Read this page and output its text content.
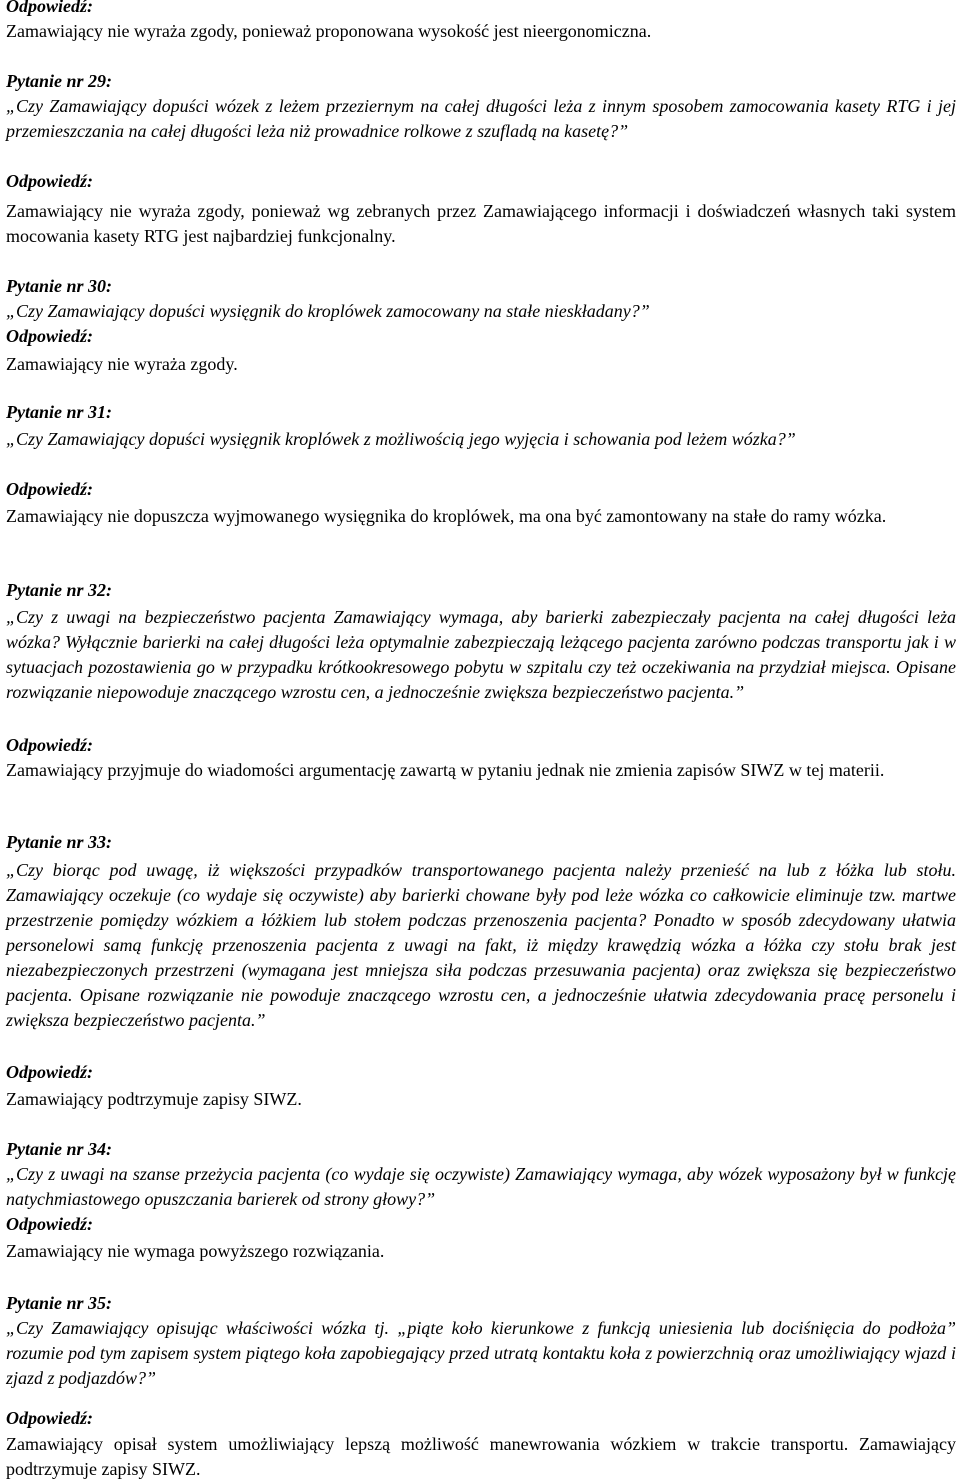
Odpowiedź:
Zamawiający nie wyraża zgody, ponieważ proponowana wysokość jest nieergonomiczna.
Pytanie nr 29:
„Czy Zamawiający dopuści wózek z leżem przeziernym na całej długości leża z innym sposobem zamocowania kasety RTG i jej przemieszczania na całej długości leża niż prowadnice rolkowe z szufladą na kasetę?”
Odpowiedź:
Zamawiający nie wyraża zgody, ponieważ wg zebranych przez Zamawiającego informacji i doświadczeń własnych taki system mocowania kasety RTG jest najbardziej funkcjonalny.
Pytanie nr 30:
„Czy Zamawiający dopuści wysięgnik do kroplówek zamocowany na stałe nieskładany?”
Odpowiedź:
Zamawiający nie wyraża zgody.
Pytanie nr 31:
„Czy Zamawiający dopuści wysięgnik kroplówek z możliwością jego wyjęcia i schowania pod leżem wózka?”
Odpowiedź:
Zamawiający nie dopuszcza wyjmowanego wysięgnika do kroplówek, ma ona być zamontowany na stałe do ramy wózka.
Pytanie nr 32:
„Czy z uwagi na bezpieczeństwo pacjenta Zamawiający wymaga, aby barierki zabezpieczały pacjenta na całej długości leża wózka? Wyłącznie barierki na całej długości leża optymalnie zabezpieczają leżącego pacjenta zarówno podczas transportu jak i w sytuacjach pozostawienia go w przypadku krótkookresowego pobytu w szpitalu czy też oczekiwania na przydział miejsca. Opisane rozwiązanie niepowoduje znaczącego wzrostu cen, a jednocześnie zwiększa bezpieczeństwo pacjenta.”
Odpowiedź:
Zamawiający przyjmuje do wiadomości argumentację zawartą w pytaniu jednak nie zmienia zapisów SIWZ w tej materii.
Pytanie nr 33:
„Czy biorąc pod uwagę, iż większości przypadków transportowanego pacjenta należy przenieść na lub z łóżka lub stołu. Zamawiający oczekuje (co wydaje się oczywiste) aby barierki chowane były pod leże wózka co całkowicie eliminuje tzw. martwe przestrzenie pomiędzy wózkiem a łóżkiem lub stołem podczas przenoszenia pacjenta? Ponadto w sposób zdecydowany ułatwia personelowi samą funkcję przenoszenia pacjenta z uwagi na fakt, iż między krawędzią wózka a łóżka czy stołu brak jest niezabezpieczonych przestrzeni (wymagana jest mniejsza siła podczas przesuwania pacjenta) oraz zwiększa się bezpieczeństwo pacjenta. Opisane rozwiązanie nie powoduje znaczącego wzrostu cen, a jednocześnie ułatwia zdecydowania pracę personelu i zwiększa bezpieczeństwo pacjenta.”
Odpowiedź:
Zamawiający podtrzymuje zapisy SIWZ.
Pytanie nr 34:
„Czy z uwagi na szanse przeżycia pacjenta (co wydaje się oczywiste) Zamawiający wymaga, aby wózek wyposażony był w funkcję natychmiastowego opuszczania barierek od strony głowy?”
Odpowiedź:
Zamawiający nie wymaga powyższego rozwiązania.
Pytanie nr 35:
„Czy Zamawiający opisując właściwości wózka tj. „piąte koło kierunkowe z funkcją uniesienia lub dociśnięcia do podłoża” rozumie pod tym zapisem system piątego koła zapobiegający przed utratą kontaktu koła z powierzchnią oraz umożliwiający wjazd i zjazd z podjazdów?”
Odpowiedź:
Zamawiający opisał system umożliwiający lepszą możliwość manewrowania wózkiem w trakcie transportu. Zamawiający podtrzymuje zapisy SIWZ.
